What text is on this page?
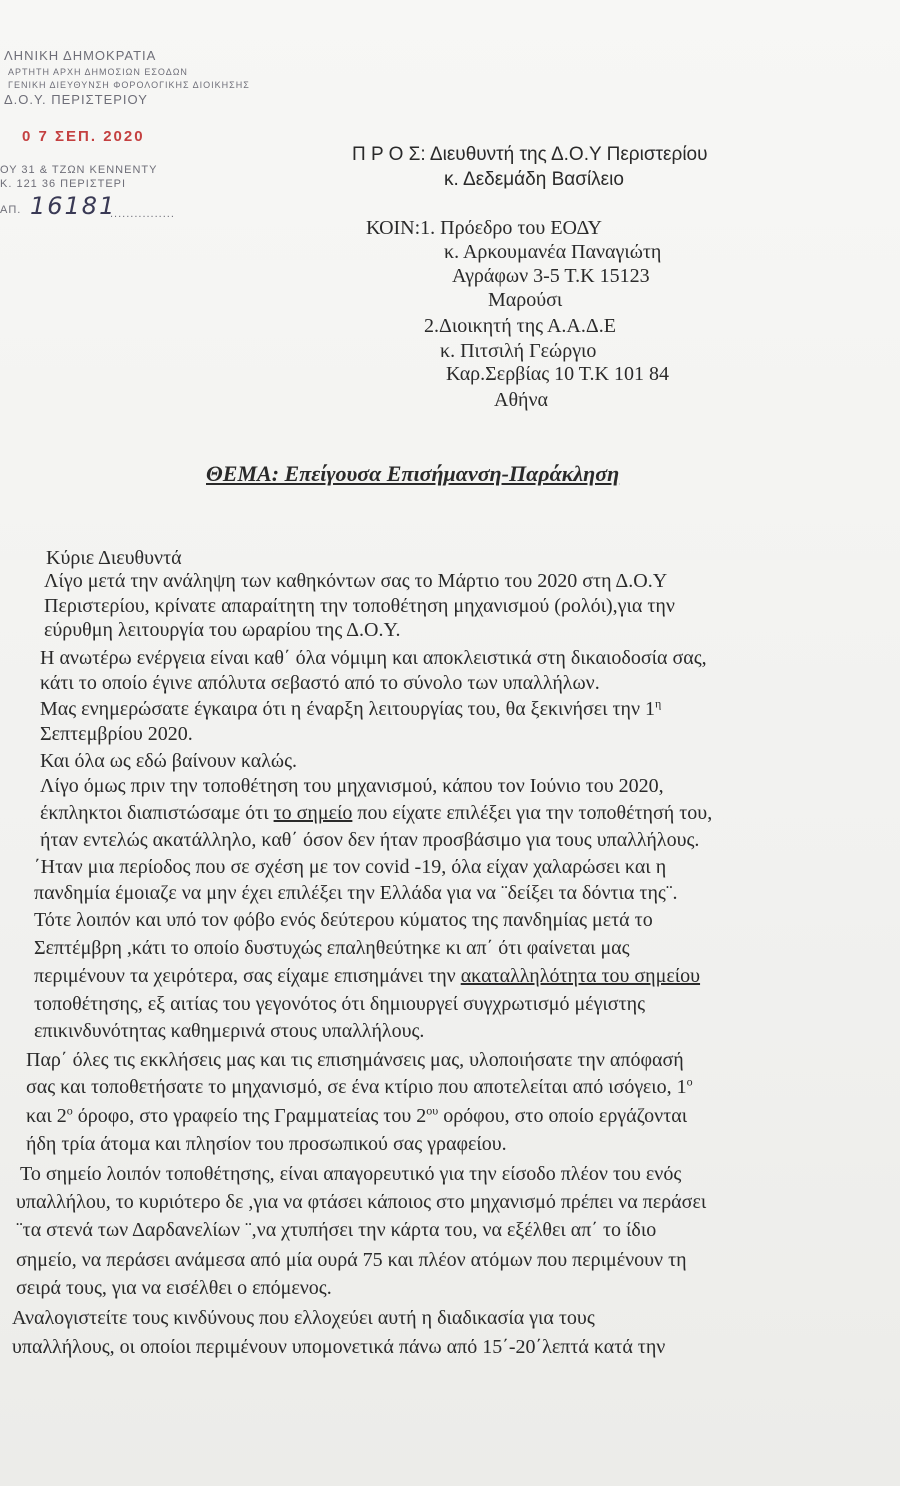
ΛΗΝΙΚΗ ΔΗΜΟΚΡΑΤΙΑ
ΑΡΤΗΤΗ ΑΡΧΗ ΔΗΜΟΣΙΩΝ ΕΣΟΔΩΝ
ΓΕΝΙΚΗ ΔΙΕΥΘΥΝΣΗ ΦΟΡΟΛΟΓΙΚΗΣ ΔΙΟΙΚΗΣΗΣ
Δ.Ο.Υ. ΠΕΡΙΣΤΕΡΙΟΥ
0 7 ΣΕΠ. 2020
ΟΥ 31 & ΤΖΩΝ ΚΕΝΝΕΝΤΥ
Κ. 121 36 ΠΕΡΙΣΤΕΡΙ
ΑΠ. 16181
................
Π Ρ Ο Σ: Διευθυντή της Δ.Ο.Υ Περιστερίου
κ. Δεδεμάδη Βασίλειο
ΚΟΙΝ:1. Πρόεδρο του ΕΟΔΥ
κ. Αρκουμανέα Παναγιώτη
Αγράφων 3-5 Τ.Κ 15123
Μαρούσι
2.Διοικητή της Α.Α.Δ.Ε
κ. Πιτσιλή Γεώργιο
Καρ.Σερβίας 10 Τ.Κ 101 84
Αθήνα
ΘΕΜΑ: Επείγουσα Επισήμανση-Παράκληση
Κύριε Διευθυντά
Λίγο μετά την ανάληψη των καθηκόντων σας το Μάρτιο του 2020 στη Δ.Ο.Υ
Περιστερίου, κρίνατε απαραίτητη την τοποθέτηση μηχανισμού (ρολόι),για την
εύρυθμη λειτουργία του ωραρίου της Δ.Ο.Υ.
Η ανωτέρω ενέργεια είναι καθ΄ όλα νόμιμη και αποκλειστικά στη δικαιοδοσία σας,
κάτι το οποίο έγινε απόλυτα σεβαστό από το σύνολο των υπαλλήλων.
Μας ενημερώσατε έγκαιρα ότι η έναρξη λειτουργίας του, θα ξεκινήσει την $1^\eta$
Σεπτεμβρίου 2020.
Και όλα ως εδώ βαίνουν καλώς.
Λίγο όμως πριν την τοποθέτηση του μηχανισμού, κάπου τον Ιούνιο του 2020,
έκπληκτοι διαπιστώσαμε ότι το σημείο που είχατε επιλέξει για την τοποθέτησή του,
ήταν εντελώς ακατάλληλο, καθ΄ όσον δεν ήταν προσβάσιμο για τους υπαλλήλους.
΄Ηταν μια περίοδος που σε σχέση με τον covid -19, όλα είχαν χαλαρώσει και η
πανδημία έμοιαζε να μην έχει επιλέξει την Ελλάδα για να ¨δείξει τα δόντια της¨.
Τότε λοιπόν και υπό τον φόβο ενός δεύτερου κύματος της πανδημίας μετά το
Σεπτέμβρη ,κάτι το οποίο δυστυχώς επαληθεύτηκε κι απ΄ ότι φαίνεται μας
περιμένουν τα χειρότερα, σας είχαμε επισημάνει την ακαταλληλότητα του σημείου
τοποθέτησης, εξ αιτίας του γεγονότος ότι δημιουργεί συγχρωτισμό μέγιστης
επικινδυνότητας καθημερινά στους υπαλλήλους.
Παρ΄ όλες τις εκκλήσεις μας και τις επισημάνσεις μας, υλοποιήσατε την απόφασή
σας και τοποθετήσατε το μηχανισμό, σε ένα κτίριο που αποτελείται από ισόγειο, $1^o$
και $2^o$ όροφο, στο γραφείο της Γραμματείας του $2^{o\upsilon}$ ορόφου, στο οποίο εργάζονται
ήδη τρία άτομα και πλησίον του προσωπικού σας γραφείου.
Το σημείο λοιπόν τοποθέτησης, είναι απαγορευτικό για την είσοδο πλέον του ενός
υπαλλήλου, το κυριότερο δε ,για να φτάσει κάποιος στο μηχανισμό πρέπει να περάσει
¨τα στενά των Δαρδανελίων ¨,να χτυπήσει την κάρτα του, να εξέλθει απ΄ το ίδιο
σημείο, να περάσει ανάμεσα από μία ουρά 75 και πλέον ατόμων που περιμένουν τη
σειρά τους, για να εισέλθει ο επόμενος.
Αναλογιστείτε τους κινδύνους που ελλοχεύει αυτή η διαδικασία για τους
υπαλλήλους, οι οποίοι περιμένουν υπομονετικά πάνω από 15΄-20΄λεπτά κατά την
